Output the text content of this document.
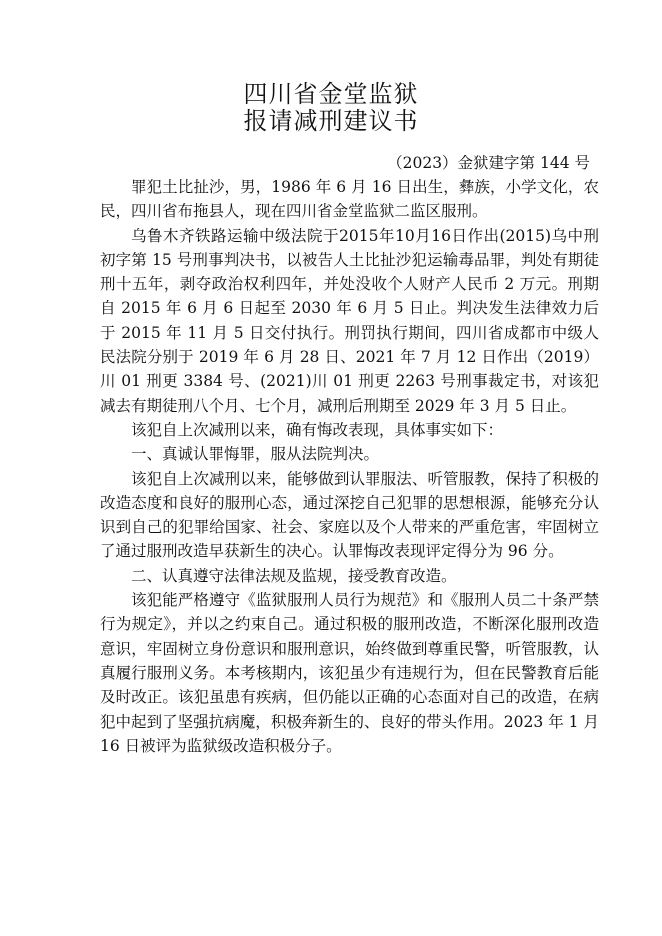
四川省金堂监狱
报请减刑建议书
（2023）金狱建字第 144 号

罪犯土比扯沙，男，1986 年 6 月 16 日出生，彝族，小学文化，农民，四川省布拖县人，现在四川省金堂监狱二监区服刑。

乌鲁木齐铁路运输中级法院于2015年10月16日作出(2015)乌中刑初字第 15 号刑事判决书，以被告人土比扯沙犯运输毒品罪，判处有期徒刑十五年，剥夺政治权利四年，并处没收个人财产人民币 2 万元。刑期自 2015 年 6 月 6 日起至 2030 年 6 月 5 日止。判决发生法律效力后于 2015 年 11 月 5 日交付执行。刑罚执行期间，四川省成都市中级人民法院分别于 2019 年 6 月 28 日、2021 年 7 月 12 日作出（2019）川 01 刑更 3384 号、(2021)川 01 刑更 2263 号刑事裁定书，对该犯减去有期徒刑八个月、七个月，减刑后刑期至 2029 年 3 月 5 日止。

该犯自上次减刑以来，确有悔改表现，具体事实如下：

一、真诚认罪悔罪，服从法院判决。

该犯自上次减刑以来，能够做到认罪服法、听管服教，保持了积极的改造态度和良好的服刑心态，通过深挖自己犯罪的思想根源，能够充分认识到自己的犯罪给国家、社会、家庭以及个人带来的严重危害，牢固树立了通过服刑改造早获新生的决心。认罪悔改表现评定得分为 96 分。

二、认真遵守法律法规及监规，接受教育改造。

该犯能严格遵守《监狱服刑人员行为规范》和《服刑人员二十条严禁行为规定》，并以之约束自己。通过积极的服刑改造，不断深化服刑改造意识，牢固树立身份意识和服刑意识，始终做到尊重民警，听管服教，认真履行服刑义务。本考核期内，该犯虽少有违规行为，但在民警教育后能及时改正。该犯虽患有疾病，但仍能以正确的心态面对自己的改造，在病犯中起到了坚强抗病魔，积极奔新生的、良好的带头作用。2023 年 1 月 16 日被评为监狱级改造积极分子。
